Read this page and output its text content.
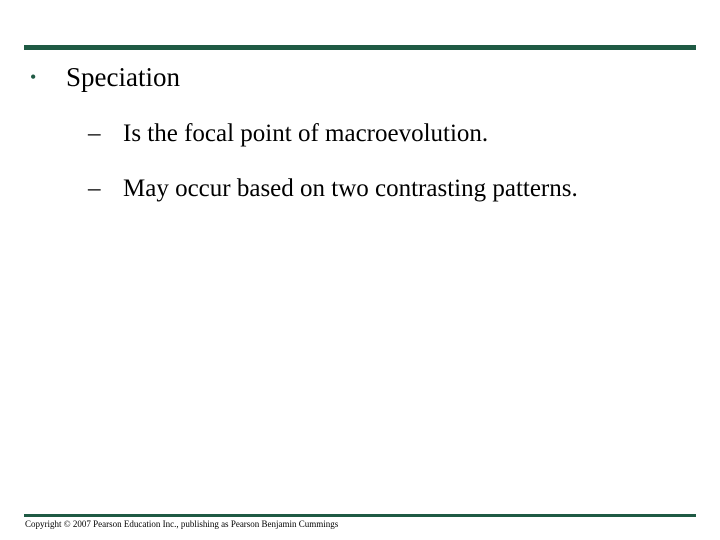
•	Speciation
– Is the focal point of macroevolution.
– May occur based on two contrasting patterns.
Copyright © 2007 Pearson Education Inc., publishing as Pearson Benjamin Cummings
